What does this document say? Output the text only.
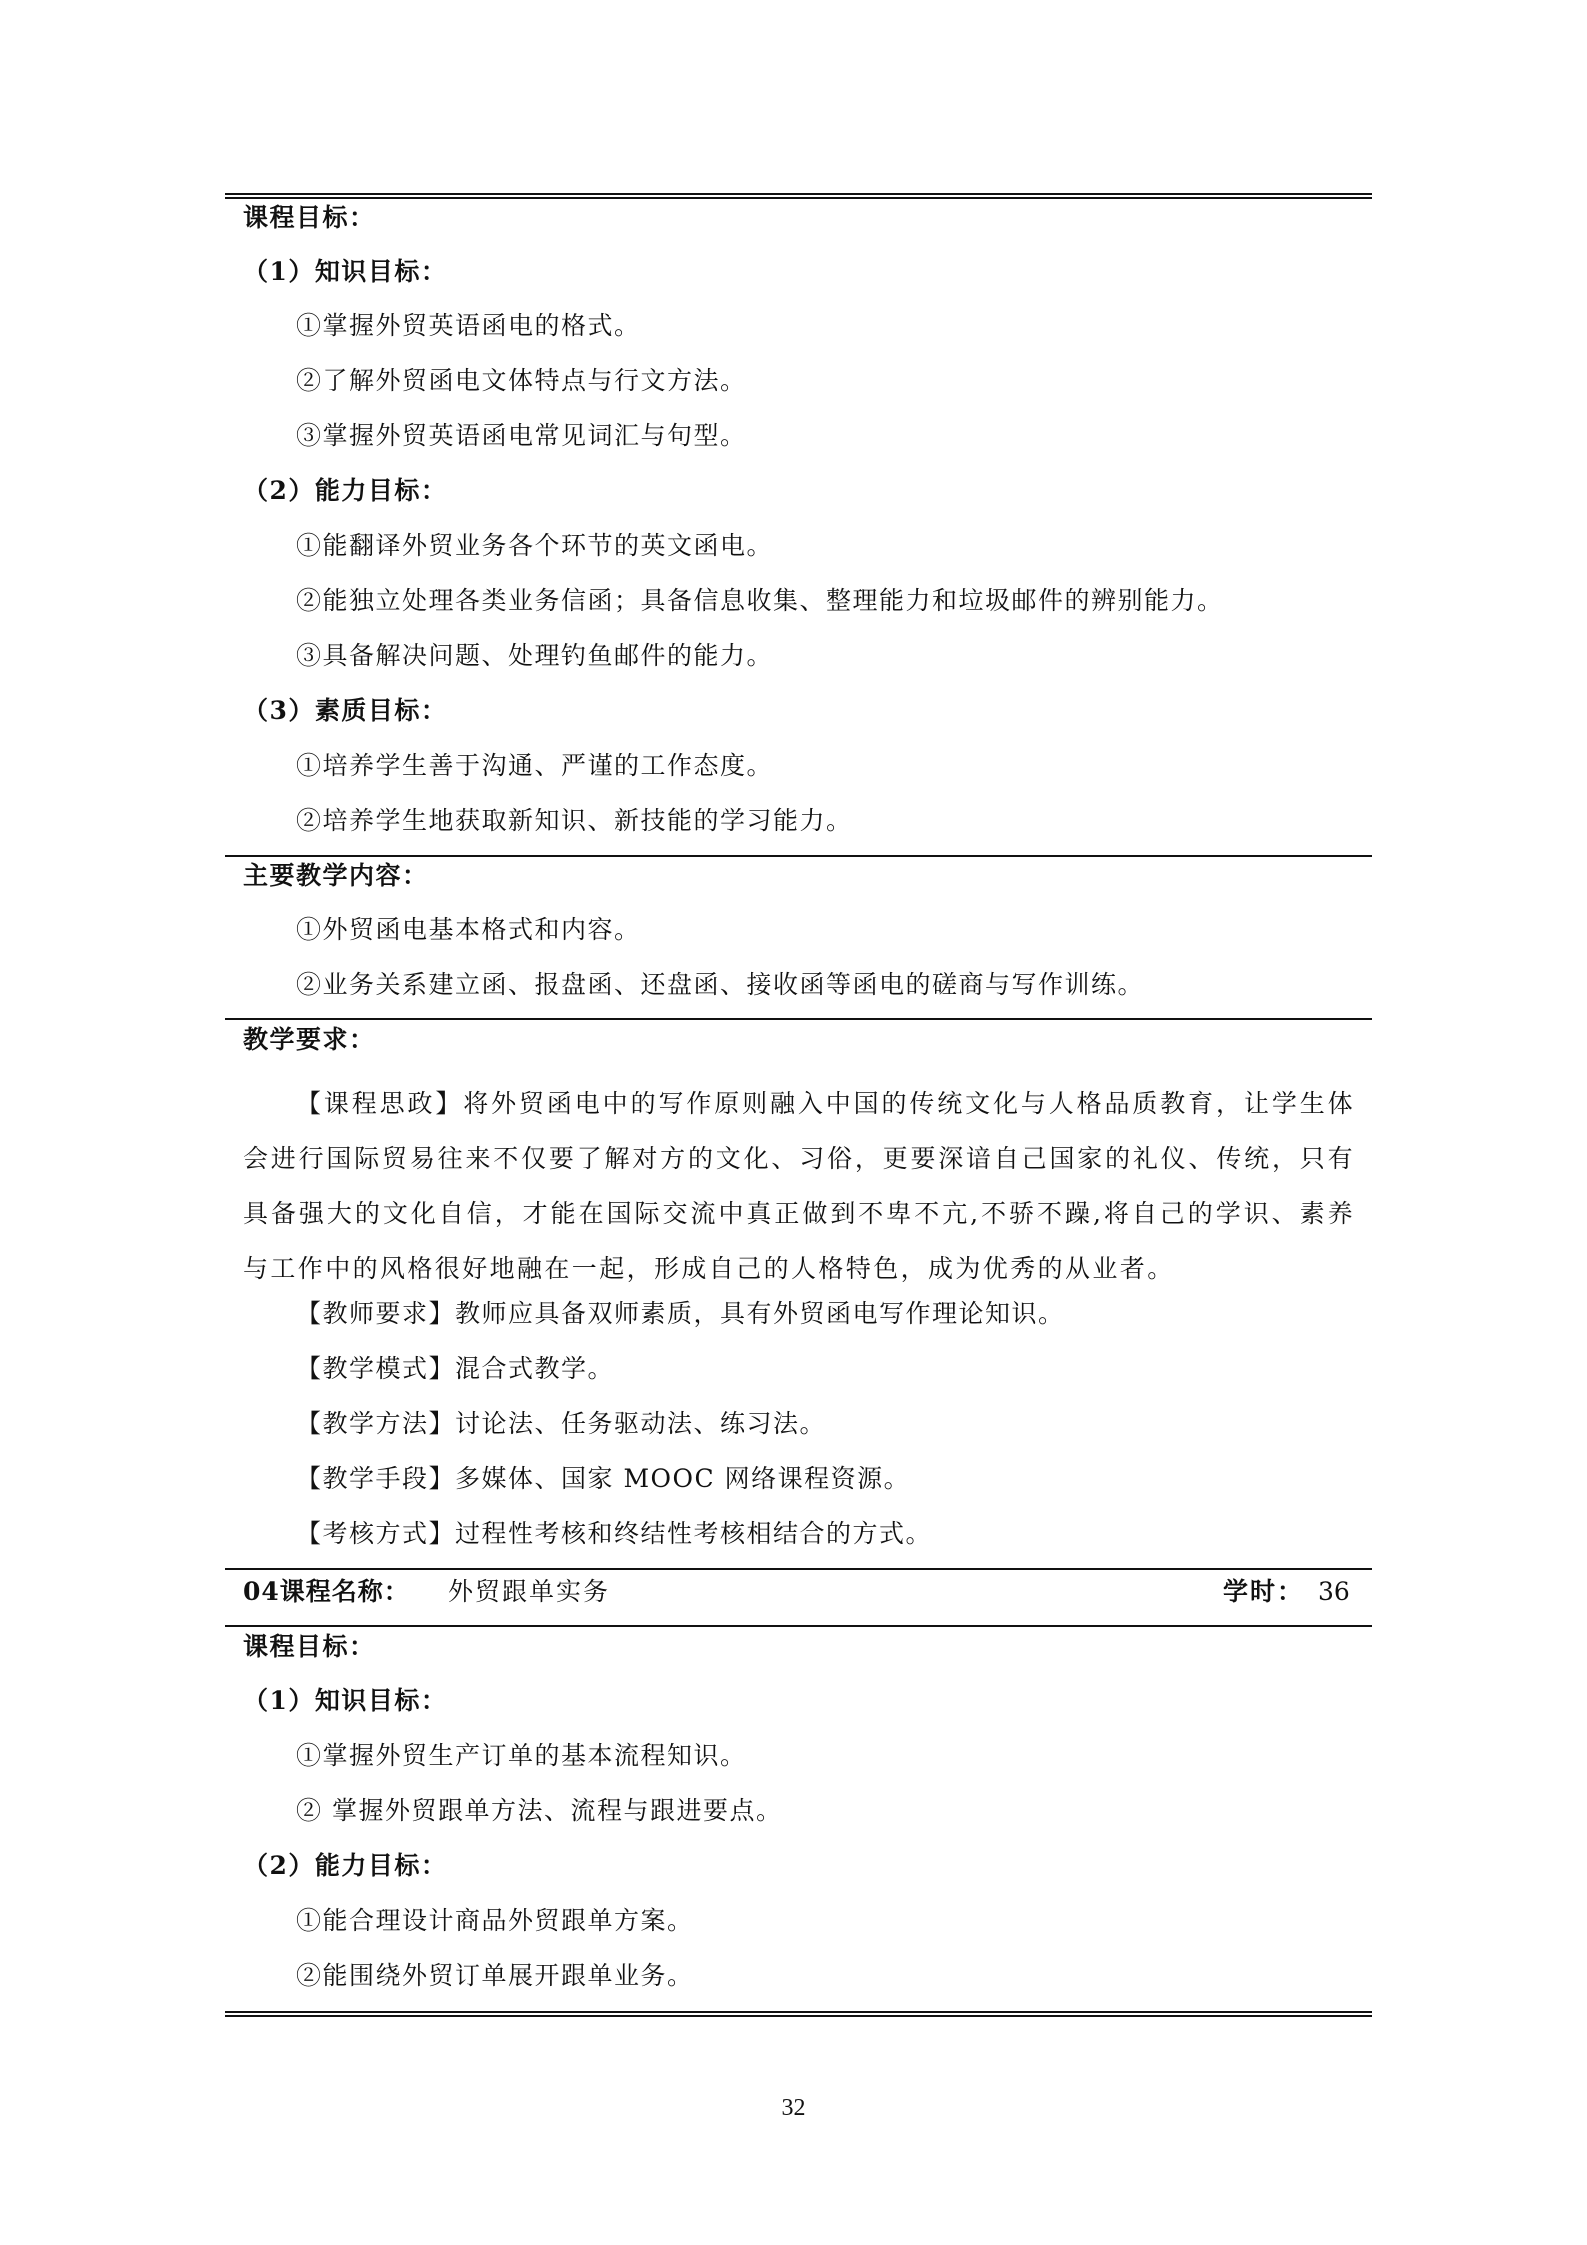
课程目标：
（1）知识目标：
①掌握外贸英语函电的格式。
②了解外贸函电文体特点与行文方法。
③掌握外贸英语函电常见词汇与句型。
（2）能力目标：
①能翻译外贸业务各个环节的英文函电。
②能独立处理各类业务信函；具备信息收集、整理能力和垃圾邮件的辨别能力。
③具备解决问题、处理钓鱼邮件的能力。
（3）素质目标：
①培养学生善于沟通、严谨的工作态度。
②培养学生地获取新知识、新技能的学习能力。
主要教学内容：
①外贸函电基本格式和内容。
②业务关系建立函、报盘函、还盘函、接收函等函电的磋商与写作训练。
教学要求：
【课程思政】将外贸函电中的写作原则融入中国的传统文化与人格品质教育，让学生体会进行国际贸易往来不仅要了解对方的文化、习俗，更要深谙自己国家的礼仪、传统，只有具备强大的文化自信，才能在国际交流中真正做到不卑不亢,不骄不躁,将自己的学识、素养与工作中的风格很好地融在一起，形成自己的人格特色，成为优秀的从业者。
【教师要求】教师应具备双师素质，具有外贸函电写作理论知识。
【教学模式】混合式教学。
【教学方法】讨论法、任务驱动法、练习法。
【教学手段】多媒体、国家 MOOC 网络课程资源。
【考核方式】过程性考核和终结性考核相结合的方式。
04课程名称： 外贸跟单实务	学时： 36
课程目标：
（1）知识目标：
①掌握外贸生产订单的基本流程知识。
② 掌握外贸跟单方法、流程与跟进要点。
（2）能力目标：
①能合理设计商品外贸跟单方案。
②能围绕外贸订单展开跟单业务。
32
